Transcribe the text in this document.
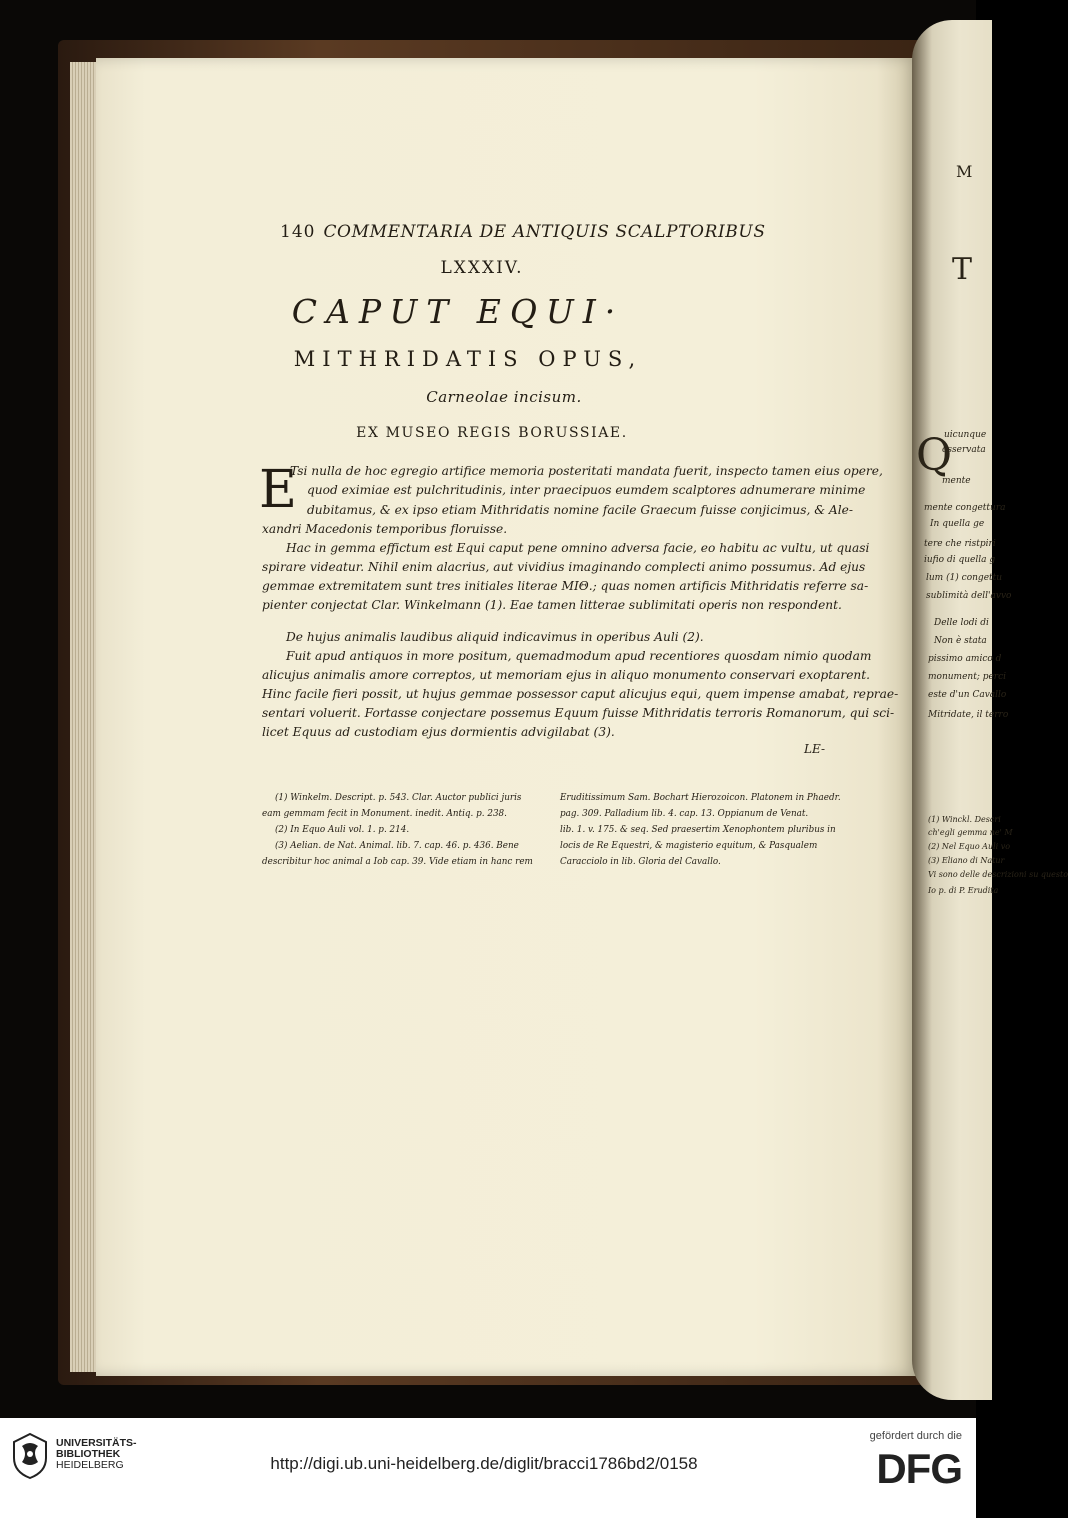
M
T
Q
uicunque
osservata
mente
mente congettura
In quella ge
tere che ristpiri
iufio di quella g
lum (1) congettu
sublimità dell'avvo
Delle lodi di
Non è stata
pissimo amico d
monument; perci
este d'un Cavallo
Mitridate, il terro
(1) Winckl. Descri
ch'egli gemma ne' M
(2) Nel Equo Auli vo
(3) Eliano di Natur
Vi sono delle descrizioni su questo
Io p. di P. Erudita
140 COMMENTARIA DE ANTIQUIS SCALPTORIBUS
LXXXIV.
CAPUT EQUI·
MITHRIDATIS OPUS,
Carneolae incisum.
EX MUSEO REGIS BORUSSIAE.
E
Tsi nulla de hoc egregio artifice memoria posteritati mandata fuerit, inspecto tamen eius opere,
quod eximiae est pulchritudinis, inter praecipuos eumdem scalptores adnumerare minime
dubitamus, & ex ipso etiam Mithridatis nomine facile Graecum fuisse conjicimus, & Ale-
xandri Macedonis temporibus floruisse.
Hac in gemma effictum est Equi caput pene omnino adversa facie, eo habitu ac vultu, ut quasi
spirare videatur. Nihil enim alacrius, aut vividius imaginando complecti animo possumus. Ad ejus
gemmae extremitatem sunt tres initiales literae ΜΙΘ.; quas nomen artificis Mithridatis referre sa-
pienter conjectat Clar. Winkelmann (1). Eae tamen litterae sublimitati operis non respondent.
De hujus animalis laudibus aliquid indicavimus in operibus Auli (2).
Fuit apud antiquos in more positum, quemadmodum apud recentiores quosdam nimio quodam
alicujus animalis amore correptos, ut memoriam ejus in aliquo monumento conservari exoptarent.
Hinc facile fieri possit, ut hujus gemmae possessor caput alicujus equi, quem impense amabat, reprae-
sentari voluerit. Fortasse conjectare possemus Equum fuisse Mithridatis terroris Romanorum, qui sci-
licet Equus ad custodiam ejus dormientis advigilabat (3).
LE-
(1) Winkelm. Descript. p. 543. Clar. Auctor publici juris
eam gemmam fecit in Monument. inedit. Antiq. p. 238.
(2) In Equo Auli vol. 1. p. 214.
(3) Aelian. de Nat. Animal. lib. 7. cap. 46. p. 436. Bene
describitur hoc animal a Iob cap. 39. Vide etiam in hanc rem
Eruditissimum Sam. Bochart Hierozoicon. Platonem in Phaedr.
pag. 309. Palladium lib. 4. cap. 13. Oppianum de Venat.
lib. 1. v. 175. & seq. Sed praesertim Xenophontem pluribus in
locis de Re Equestri, & magisterio equitum, & Pasqualem
Caracciolo in lib. Gloria del Cavallo.
UNIVERSITÄTS-
BIBLIOTHEK
HEIDELBERG	http://digi.ub.uni-heidelberg.de/diglit/bracci1786bd2/0158
gefördert durch die
DFG
